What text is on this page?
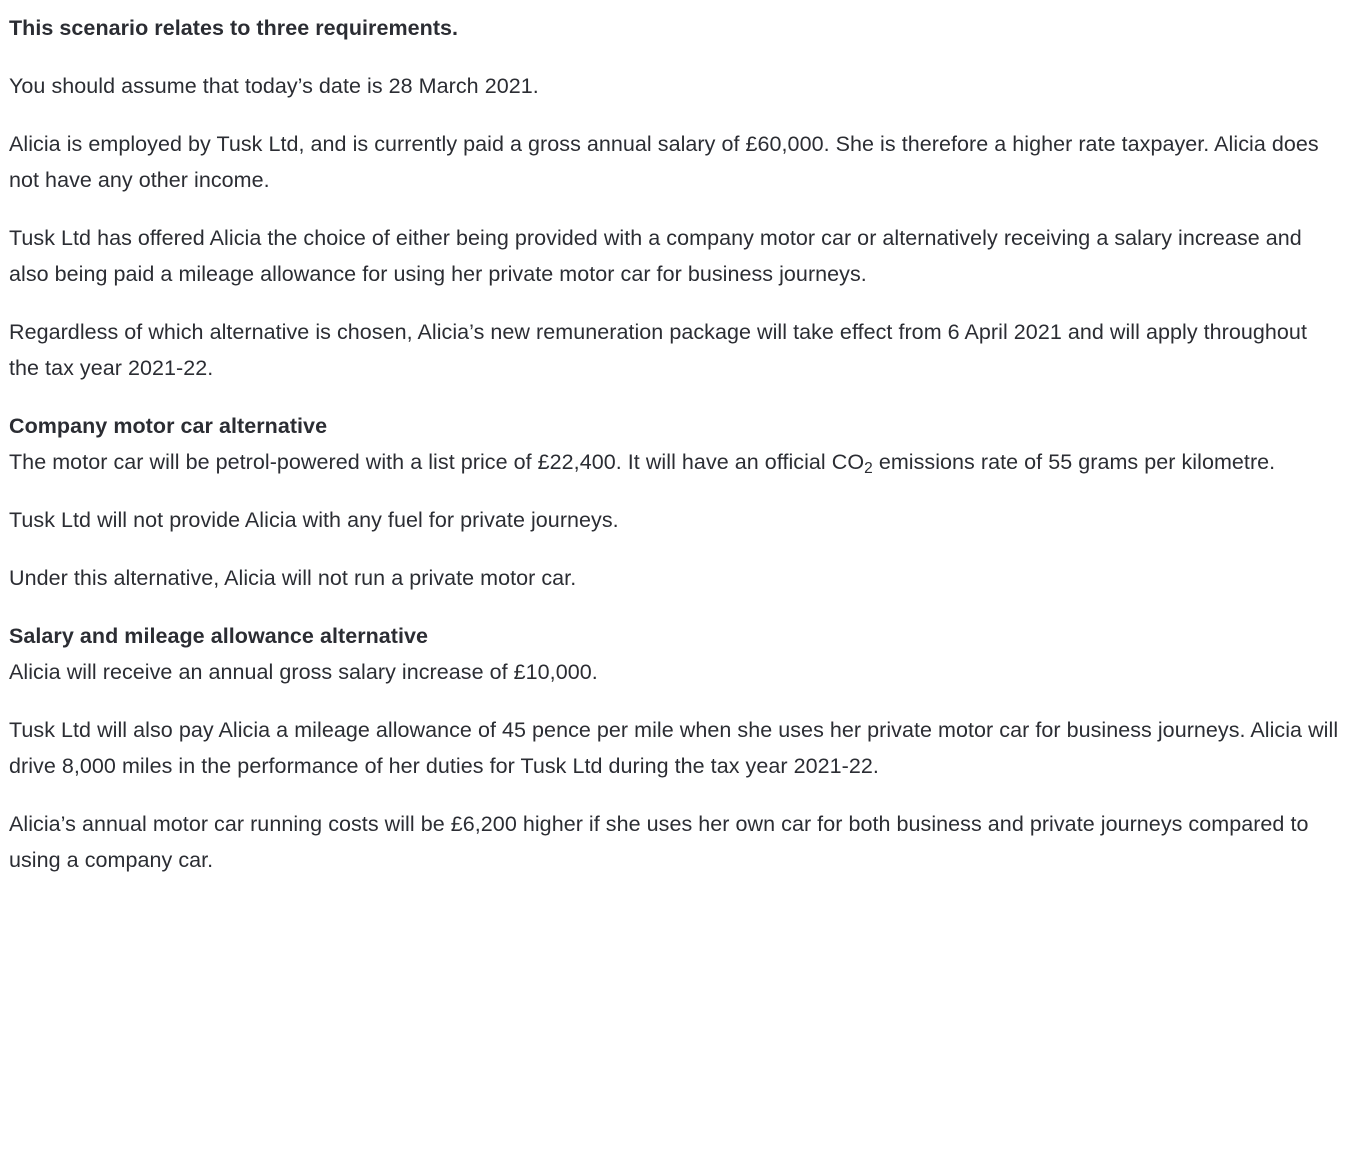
This scenario relates to three requirements.

You should assume that today’s date is 28 March 2021.

Alicia is employed by Tusk Ltd, and is currently paid a gross annual salary of £60,000. She is therefore a higher rate taxpayer. Alicia does not have any other income.

Tusk Ltd has offered Alicia the choice of either being provided with a company motor car or alternatively receiving a salary increase and also being paid a mileage allowance for using her private motor car for business journeys.

Regardless of which alternative is chosen, Alicia’s new remuneration package will take effect from 6 April 2021 and will apply throughout the tax year 2021-22.

Company motor car alternative

The motor car will be petrol-powered with a list price of £22,400. It will have an official $CO_2$ emissions rate of 55 grams per kilometre.

Tusk Ltd will not provide Alicia with any fuel for private journeys.

Under this alternative, Alicia will not run a private motor car.

Salary and mileage allowance alternative

Alicia will receive an annual gross salary increase of £10,000.

Tusk Ltd will also pay Alicia a mileage allowance of 45 pence per mile when she uses her private motor car for business journeys. Alicia will drive 8,000 miles in the performance of her duties for Tusk Ltd during the tax year 2021-22.

Alicia’s annual motor car running costs will be £6,200 higher if she uses her own car for both business and private journeys compared to using a company car.
